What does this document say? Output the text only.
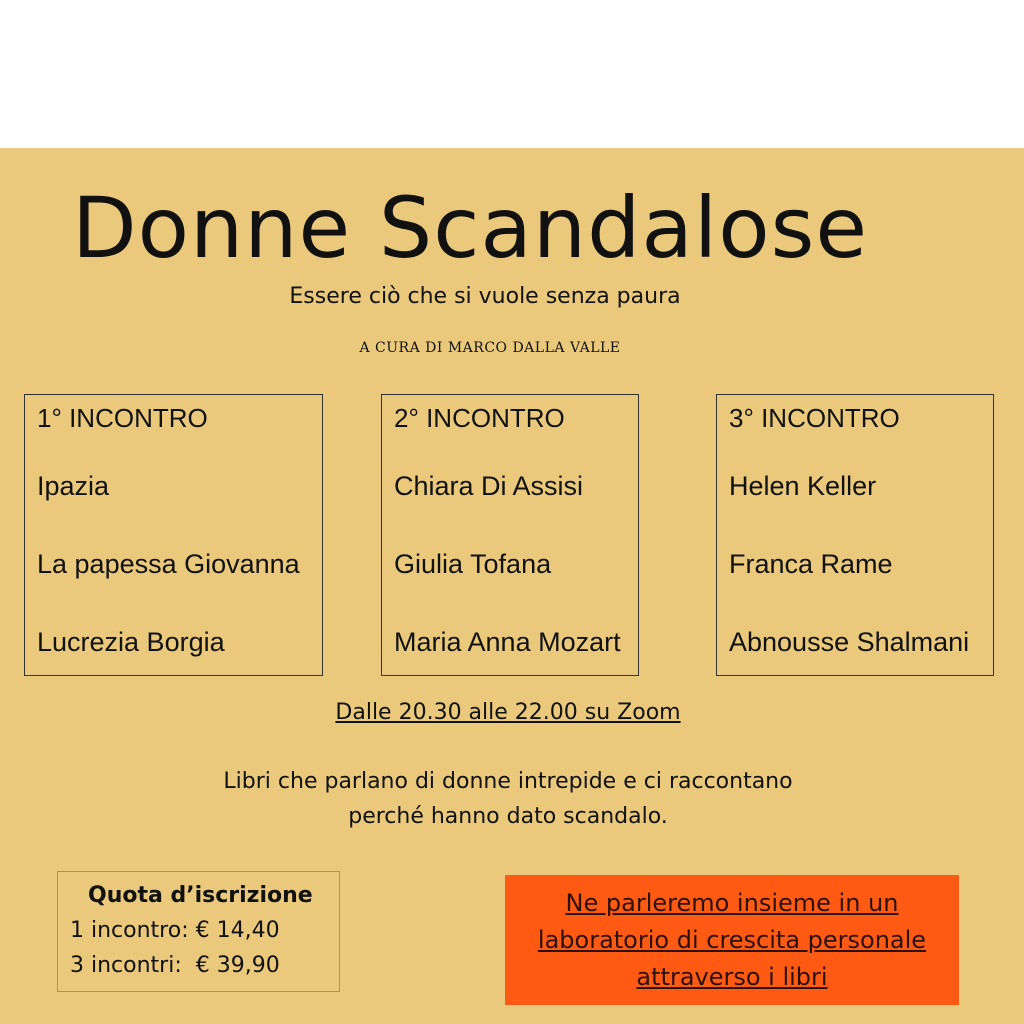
Donne Scandalose
Essere ciò che si vuole senza paura
A CURA DI MARCO DALLA VALLE
1° INCONTRO
Ipazia
La papessa Giovanna
Lucrezia Borgia
2° INCONTRO
Chiara Di Assisi
Giulia Tofana
Maria Anna Mozart
3° INCONTRO
Helen Keller
Franca Rame
Abnousse Shalmani
Dalle 20.30 alle 22.00 su Zoom
Libri che parlano di donne intrepide e ci raccontano
perché hanno dato scandalo.
Quota d’iscrizione
1 incontro: € 14,40
3 incontri:  € 39,90
Ne parleremo insieme in un
laboratorio di crescita personale
attraverso i libri
